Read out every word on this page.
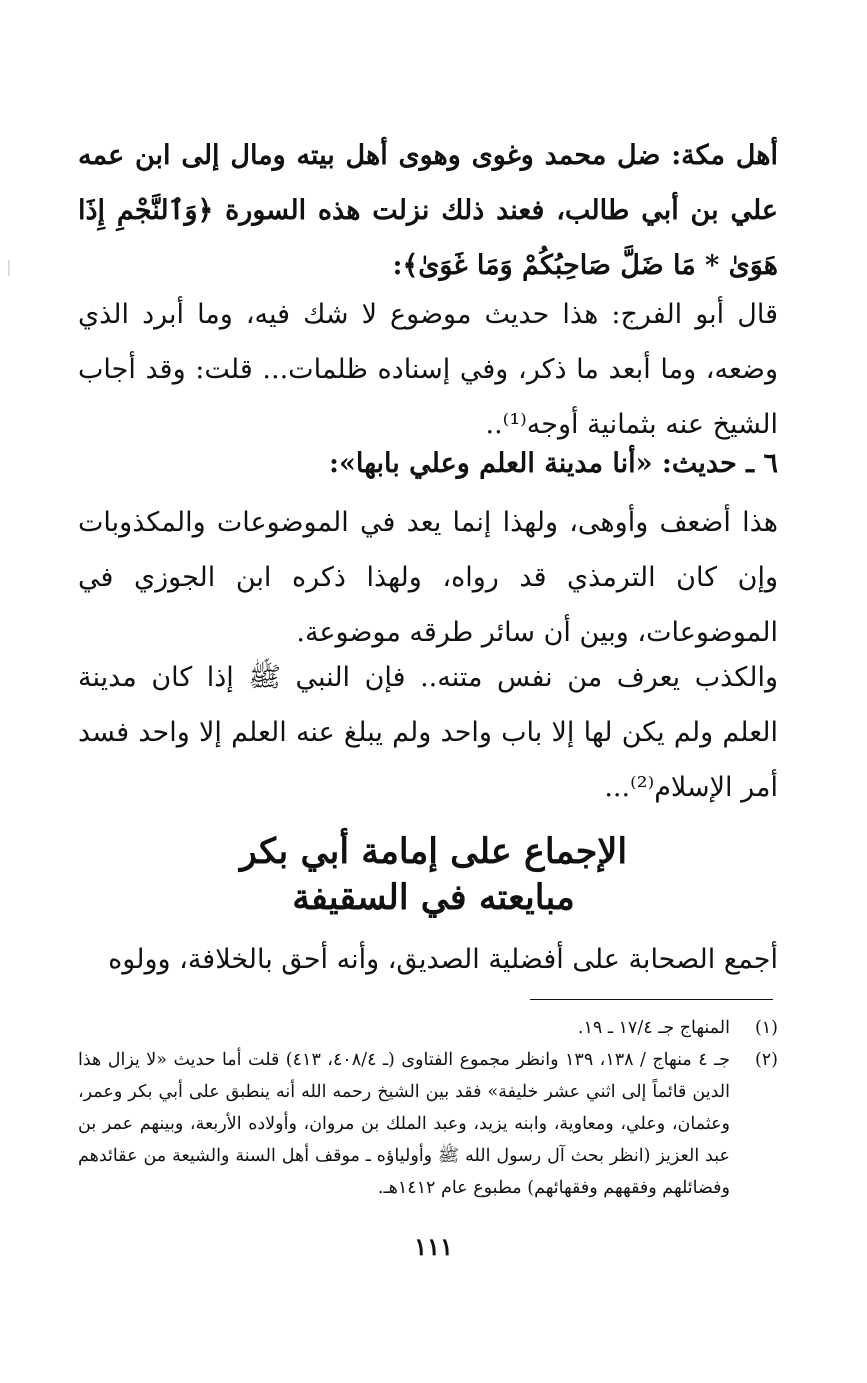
أهل مكة: ضل محمد وغوى وهوى أهل بيته ومال إلى ابن عمه علي بن أبي طالب، فعند ذلك نزلت هذه السورة ﴿وَٱلنَّجْمِ إِذَا هَوَىٰ * مَا ضَلَّ صَاحِبُكُمْ وَمَا غَوَىٰ﴾:

قال أبو الفرج: هذا حديث موضوع لا شك فيه، وما أبرد الذي وضعه، وما أبعد ما ذكر، وفي إسناده ظلمات... قلت: وقد أجاب الشيخ عنه بثمانية أوجه⁽¹⁾..

٦ ـ حديث: «أنا مدينة العلم وعلي بابها»:

هذا أضعف وأوهى، ولهذا إنما يعد في الموضوعات والمكذوبات وإن كان الترمذي قد رواه، ولهذا ذكره ابن الجوزي في الموضوعات، وبين أن سائر طرقه موضوعة.

والكذب يعرف من نفس متنه.. فإن النبي ﷺ إذا كان مدينة العلم ولم يكن لها إلا باب واحد ولم يبلغ عنه العلم إلا واحد فسد أمر الإسلام⁽²⁾...

الإجماع على إمامة أبي بكر
مبايعته في السقيفة

أجمع الصحابة على أفضلية الصديق، وأنه أحق بالخلافة، وولوه

(١)
المنهاج جـ ١٧/٤ ـ ١٩.
(٢)
جـ ٤ منهاج / ١٣٨، ١٣٩ وانظر مجموع الفتاوى (ـ ٤٠٨/٤، ٤١٣) قلت أما حديث «لا يزال هذا الدين قائماً إلى اثني عشر خليفة» فقد بين الشيخ رحمه الله أنه ينطبق على أبي بكر وعمر، وعثمان، وعلي، ومعاوية، وابنه يزيد، وعبد الملك بن مروان، وأولاده الأربعة، وبينهم عمر بن عبد العزيز (انظر بحث آل رسول الله ﷺ وأولياؤه ـ موقف أهل السنة والشيعة من عقائدهم وفضائلهم وفقههم وفقهائهم) مطبوع عام ١٤١٢هـ.
١١١
